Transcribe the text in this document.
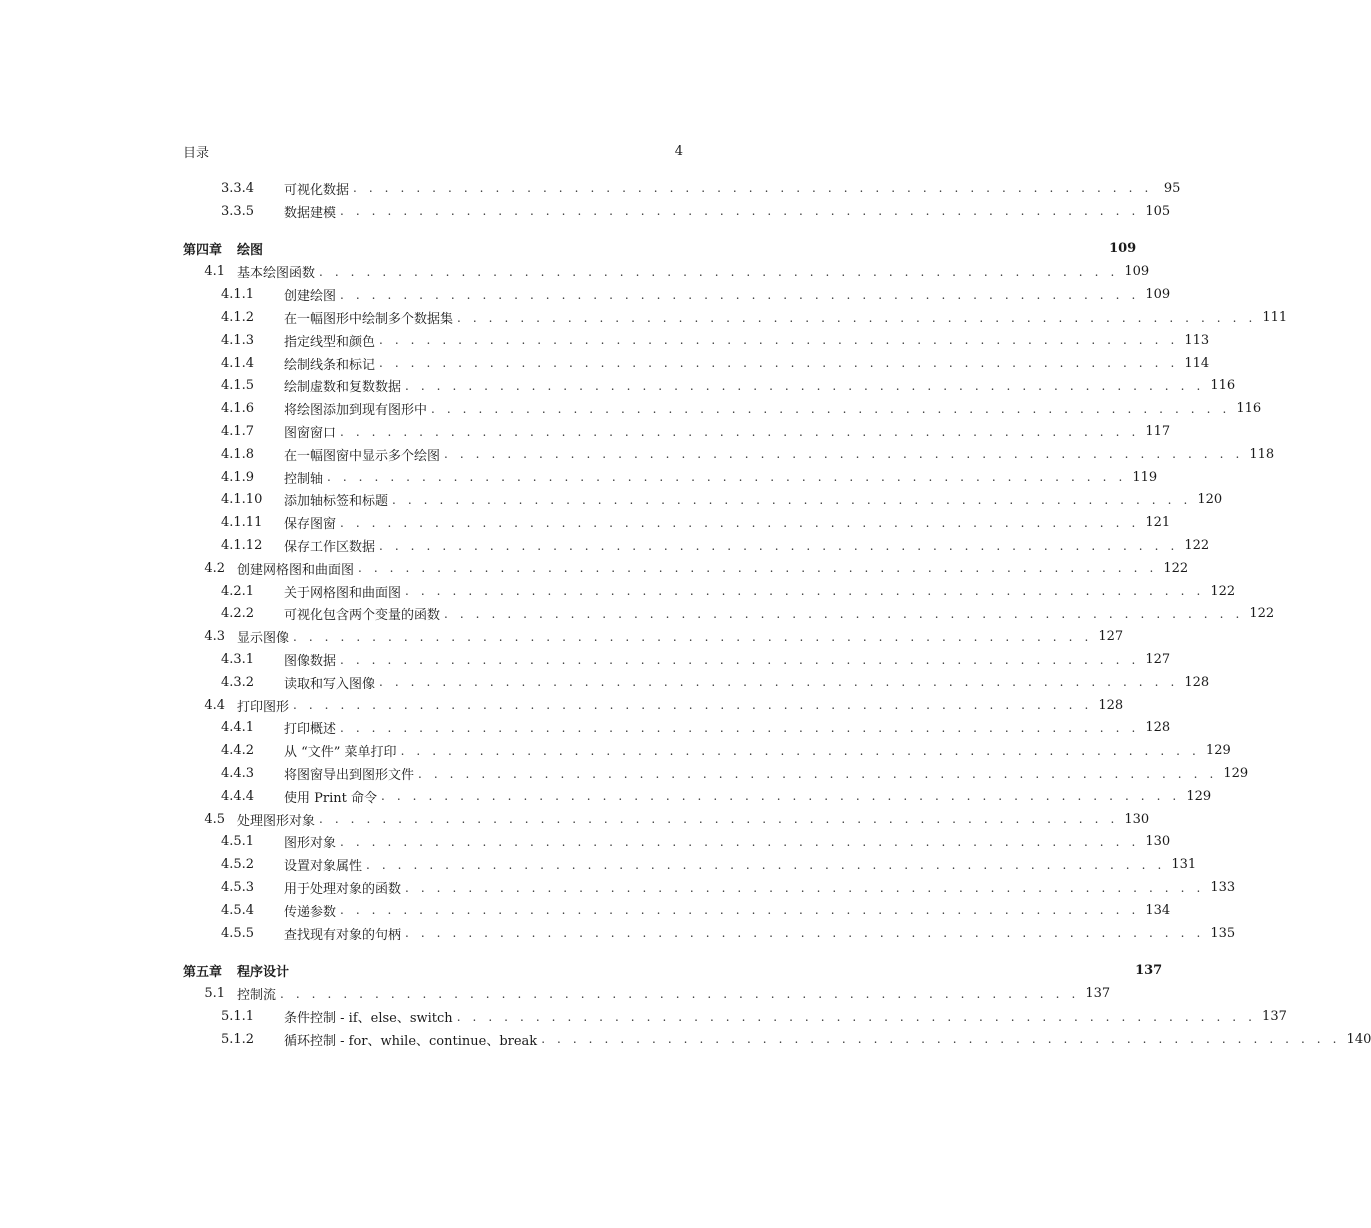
目录	4
3.3.4	可视化数据 . . . . . . . . . . . . . . . . . . . . . . . . . . . . . . . . . . . . . . . . . . . . . . . . . . . 95
3.3.5	数据建模 . . . . . . . . . . . . . . . . . . . . . . . . . . . . . . . . . . . . . . . . . . . . . . . . . . . 105
第四章	绘图	109
4.1 基本绘图函数 . . . . . . . . . . . . . . . . . . . . . . . . . . . . . . . . . . . . . . . . . . . . . . . . . . . 109
4.1.1	创建绘图 . . . . . . . . . . . . . . . . . . . . . . . . . . . . . . . . . . . . . . . . . . . . . . . . . . . 109
4.1.2	在一幅图形中绘制多个数据集 . . . . . . . . . . . . . . . . . . . . . . . . . . . . . . . . . . . . . . . . . . . . . . . . . . . 111
4.1.3	指定线型和颜色 . . . . . . . . . . . . . . . . . . . . . . . . . . . . . . . . . . . . . . . . . . . . . . . . . . . 113
4.1.4	绘制线条和标记 . . . . . . . . . . . . . . . . . . . . . . . . . . . . . . . . . . . . . . . . . . . . . . . . . . . 114
4.1.5	绘制虚数和复数数据 . . . . . . . . . . . . . . . . . . . . . . . . . . . . . . . . . . . . . . . . . . . . . . . . . . . 116
4.1.6	将绘图添加到现有图形中 . . . . . . . . . . . . . . . . . . . . . . . . . . . . . . . . . . . . . . . . . . . . . . . . . . . 116
4.1.7	图窗窗口 . . . . . . . . . . . . . . . . . . . . . . . . . . . . . . . . . . . . . . . . . . . . . . . . . . . 117
4.1.8	在一幅图窗中显示多个绘图 . . . . . . . . . . . . . . . . . . . . . . . . . . . . . . . . . . . . . . . . . . . . . . . . . . . 118
4.1.9	控制轴 . . . . . . . . . . . . . . . . . . . . . . . . . . . . . . . . . . . . . . . . . . . . . . . . . . . 119
4.1.10	添加轴标签和标题 . . . . . . . . . . . . . . . . . . . . . . . . . . . . . . . . . . . . . . . . . . . . . . . . . . . 120
4.1.11	保存图窗 . . . . . . . . . . . . . . . . . . . . . . . . . . . . . . . . . . . . . . . . . . . . . . . . . . . 121
4.1.12	保存工作区数据 . . . . . . . . . . . . . . . . . . . . . . . . . . . . . . . . . . . . . . . . . . . . . . . . . . . 122
4.2 创建网格图和曲面图 . . . . . . . . . . . . . . . . . . . . . . . . . . . . . . . . . . . . . . . . . . . . . . . . . . . 122
4.2.1	关于网格图和曲面图 . . . . . . . . . . . . . . . . . . . . . . . . . . . . . . . . . . . . . . . . . . . . . . . . . . . 122
4.2.2	可视化包含两个变量的函数 . . . . . . . . . . . . . . . . . . . . . . . . . . . . . . . . . . . . . . . . . . . . . . . . . . . 122
4.3 显示图像 . . . . . . . . . . . . . . . . . . . . . . . . . . . . . . . . . . . . . . . . . . . . . . . . . . . 127
4.3.1	图像数据 . . . . . . . . . . . . . . . . . . . . . . . . . . . . . . . . . . . . . . . . . . . . . . . . . . . 127
4.3.2	读取和写入图像 . . . . . . . . . . . . . . . . . . . . . . . . . . . . . . . . . . . . . . . . . . . . . . . . . . . 128
4.4 打印图形 . . . . . . . . . . . . . . . . . . . . . . . . . . . . . . . . . . . . . . . . . . . . . . . . . . . 128
4.4.1	打印概述 . . . . . . . . . . . . . . . . . . . . . . . . . . . . . . . . . . . . . . . . . . . . . . . . . . . 128
4.4.2	从 “文件” 菜单打印 . . . . . . . . . . . . . . . . . . . . . . . . . . . . . . . . . . . . . . . . . . . . . . . . . . . 129
4.4.3	将图窗导出到图形文件 . . . . . . . . . . . . . . . . . . . . . . . . . . . . . . . . . . . . . . . . . . . . . . . . . . . 129
4.4.4	使用 Print 命令 . . . . . . . . . . . . . . . . . . . . . . . . . . . . . . . . . . . . . . . . . . . . . . . . . . . 129
4.5 处理图形对象 . . . . . . . . . . . . . . . . . . . . . . . . . . . . . . . . . . . . . . . . . . . . . . . . . . . 130
4.5.1	图形对象 . . . . . . . . . . . . . . . . . . . . . . . . . . . . . . . . . . . . . . . . . . . . . . . . . . . 130
4.5.2	设置对象属性 . . . . . . . . . . . . . . . . . . . . . . . . . . . . . . . . . . . . . . . . . . . . . . . . . . . 131
4.5.3	用于处理对象的函数 . . . . . . . . . . . . . . . . . . . . . . . . . . . . . . . . . . . . . . . . . . . . . . . . . . . 133
4.5.4	传递参数 . . . . . . . . . . . . . . . . . . . . . . . . . . . . . . . . . . . . . . . . . . . . . . . . . . . 134
4.5.5	查找现有对象的句柄 . . . . . . . . . . . . . . . . . . . . . . . . . . . . . . . . . . . . . . . . . . . . . . . . . . . 135
第五章	程序设计	137
5.1 控制流 . . . . . . . . . . . . . . . . . . . . . . . . . . . . . . . . . . . . . . . . . . . . . . . . . . . 137
5.1.1	条件控制 - if、else、switch . . . . . . . . . . . . . . . . . . . . . . . . . . . . . . . . . . . . . . . . . . . . . . . . . . . 137
5.1.2	循环控制 - for、while、continue、break . . . . . . . . . . . . . . . . . . . . . . . . . . . . . . . . . . . . . . . . . . . . . . . . . . . 140
